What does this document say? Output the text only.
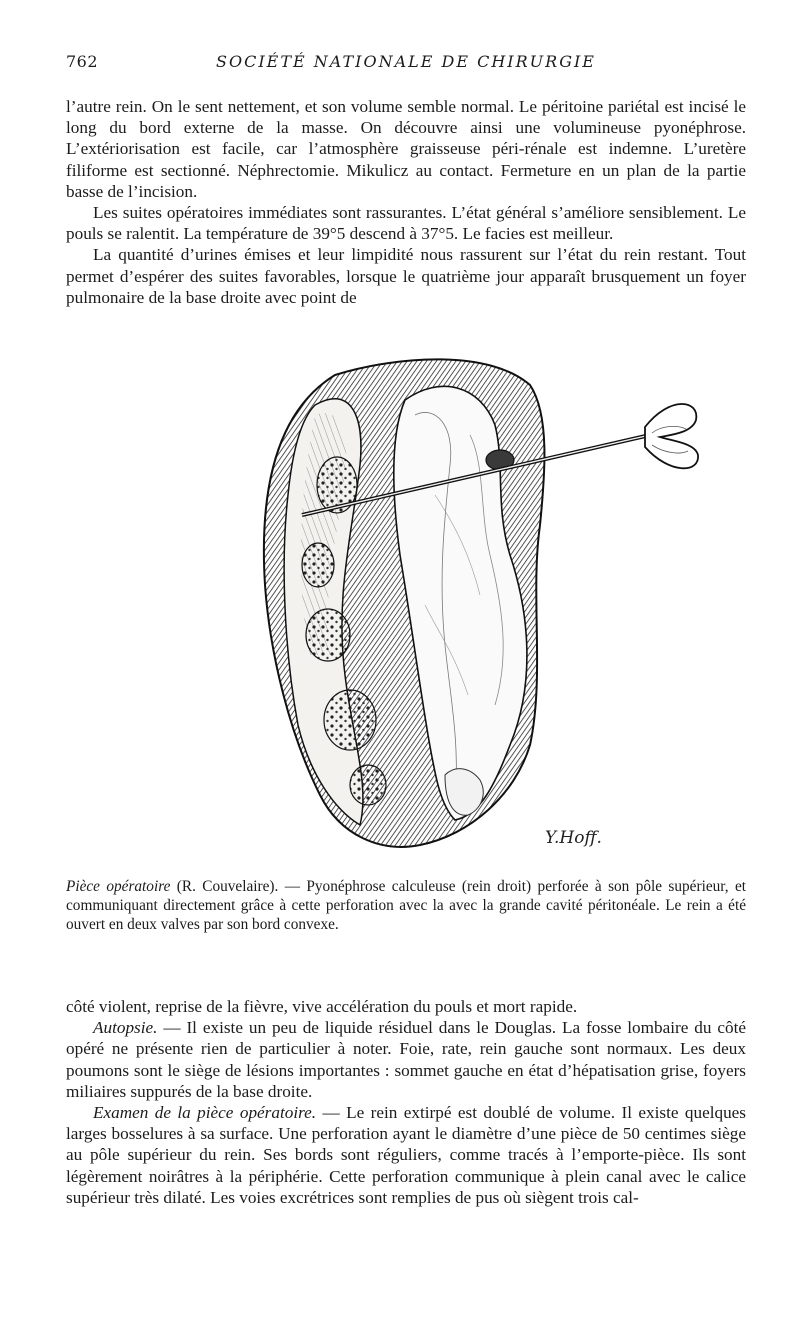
762	SOCIÉTÉ NATIONALE DE CHIRURGIE

l’autre rein. On le sent nettement, et son volume semble normal. Le péritoine pariétal est incisé le long du bord externe de la masse. On découvre ainsi une volumineuse pyonéphrose. L’extériorisation est facile, car l’atmosphère graisseuse péri-rénale est indemne. L’uretère filiforme est sectionné. Néphrectomie. Mikulicz au contact. Fermeture en un plan de la partie basse de l’incision.

Les suites opératoires immédiates sont rassurantes. L’état général s’améliore sensiblement. Le pouls se ralentit. La température de 39°5 descend à 37°5. Le facies est meilleur.

La quantité d’urines émises et leur limpidité nous rassurent sur l’état du rein restant. Tout permet d’espérer des suites favorables, lorsque le quatrième jour apparaît brusquement un foyer pulmonaire de la base droite avec point de

Y.Hoff.
Pièce opératoire (R. Couvelaire). — Pyonéphrose calculeuse (rein droit) perforée à son pôle supérieur, et communiquant directement grâce à cette perforation avec la avec la grande cavité péritonéale. Le rein a été ouvert en deux valves par son bord convexe.

côté violent, reprise de la fièvre, vive accélération du pouls et mort rapide.

Autopsie. — Il existe un peu de liquide résiduel dans le Douglas. La fosse lombaire du côté opéré ne présente rien de particulier à noter. Foie, rate, rein gauche sont normaux. Les deux poumons sont le siège de lésions importantes : sommet gauche en état d’hépatisation grise, foyers miliaires suppurés de la base droite.

Examen de la pièce opératoire. — Le rein extirpé est doublé de volume. Il existe quelques larges bosselures à sa surface. Une perforation ayant le diamètre d’une pièce de 50 centimes siège au pôle supérieur du rein. Ses bords sont réguliers, comme tracés à l’emporte-pièce. Ils sont légèrement noirâtres à la périphérie. Cette perforation communique à plein canal avec le calice supérieur très dilaté. Les voies excrétrices sont remplies de pus où siègent trois cal-
